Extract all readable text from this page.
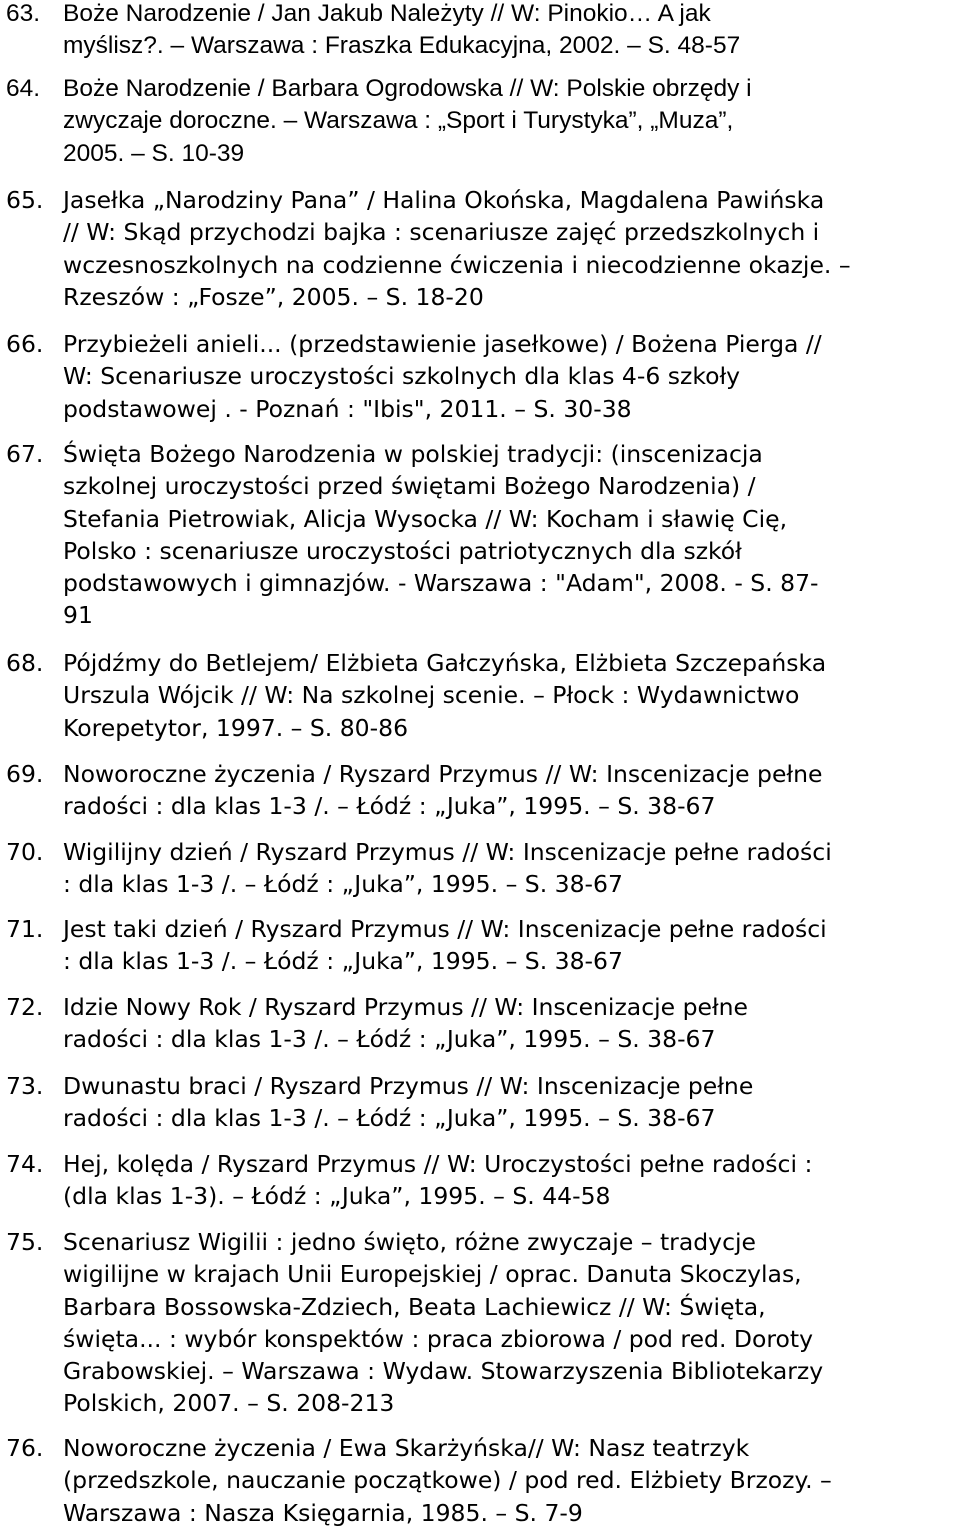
63. Boże Narodzenie / Jan Jakub Należyty // W: Pinokio… A jak
myślisz?. – Warszawa : Fraszka Edukacyjna, 2002. – S. 48-57
64. Boże Narodzenie / Barbara Ogrodowska // W: Polskie obrzędy i
zwyczaje doroczne. – Warszawa : „Sport i Turystyka”, „Muza”,
2005. – S. 10-39
65. Jasełka „Narodziny Pana” / Halina Okońska, Magdalena Pawińska
// W: Skąd przychodzi bajka : scenariusze zajęć przedszkolnych i
wczesnoszkolnych na codzienne ćwiczenia i niecodzienne okazje. –
Rzeszów : „Fosze”, 2005. – S. 18-20
66. Przybieżeli anieli... (przedstawienie jasełkowe) / Bożena Pierga //
W: Scenariusze uroczystości szkolnych dla klas 4-6 szkoły
podstawowej . - Poznań : "Ibis", 2011. – S. 30-38
67. Święta Bożego Narodzenia w polskiej tradycji: (inscenizacja
szkolnej uroczystości przed świętami Bożego Narodzenia) /
Stefania Pietrowiak, Alicja Wysocka // W: Kocham i sławię Cię,
Polsko : scenariusze uroczystości patriotycznych dla szkół
podstawowych i gimnazjów. - Warszawa : "Adam", 2008. - S. 87-
91
68. Pójdźmy do Betlejem/ Elżbieta Gałczyńska, Elżbieta Szczepańska
Urszula Wójcik // W: Na szkolnej scenie. – Płock : Wydawnictwo
Korepetytor, 1997. – S. 80-86
69. Noworoczne życzenia / Ryszard Przymus // W: Inscenizacje pełne
radości : dla klas 1-3 /. – Łódź : „Juka”, 1995. – S. 38-67
70. Wigilijny dzień / Ryszard Przymus // W: Inscenizacje pełne radości
: dla klas 1-3 /. – Łódź : „Juka”, 1995. – S. 38-67
71. Jest taki dzień / Ryszard Przymus // W: Inscenizacje pełne radości
: dla klas 1-3 /. – Łódź : „Juka”, 1995. – S. 38-67
72. Idzie Nowy Rok / Ryszard Przymus // W: Inscenizacje pełne
radości : dla klas 1-3 /. – Łódź : „Juka”, 1995. – S. 38-67
73. Dwunastu braci / Ryszard Przymus // W: Inscenizacje pełne
radości : dla klas 1-3 /. – Łódź : „Juka”, 1995. – S. 38-67
74. Hej, kolęda / Ryszard Przymus // W: Uroczystości pełne radości :
(dla klas 1-3). – Łódź : „Juka”, 1995. – S. 44-58
75. Scenariusz Wigilii : jedno święto, różne zwyczaje – tradycje
wigilijne w krajach Unii Europejskiej / oprac. Danuta Skoczylas,
Barbara Bossowska-Zdziech, Beata Lachiewicz // W: Święta,
święta... : wybór konspektów : praca zbiorowa / pod red. Doroty
Grabowskiej. – Warszawa : Wydaw. Stowarzyszenia Bibliotekarzy
Polskich, 2007. – S. 208-213
76. Noworoczne życzenia / Ewa Skarżyńska// W: Nasz teatrzyk
(przedszkole, nauczanie początkowe) / pod red. Elżbiety Brzozy. –
Warszawa : Nasza Księgarnia, 1985. – S. 7-9
